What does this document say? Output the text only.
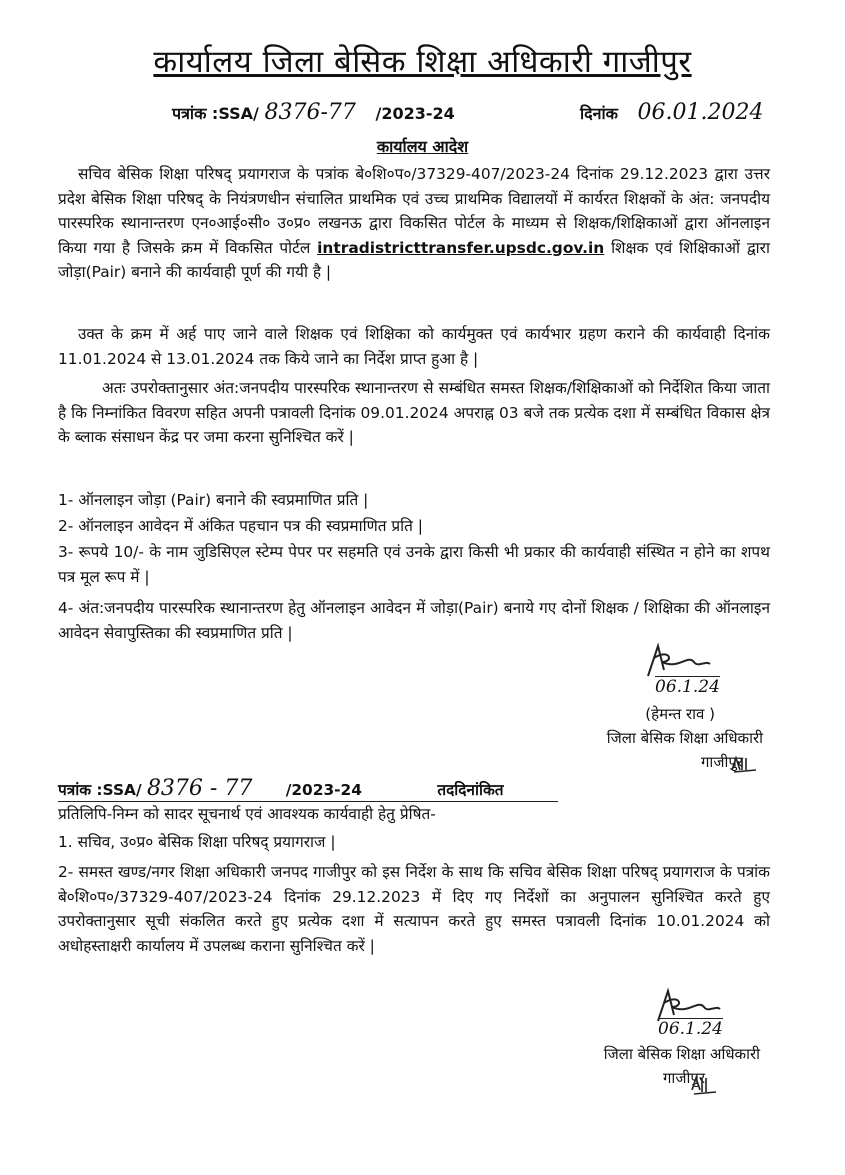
कार्यालय जिला बेसिक शिक्षा अधिकारी गाजीपुर
पत्रांक :SSA/ 8376-77 /2023-24	दिनांक 06.01.2024
कार्यालय आदेश
सचिव बेसिक शिक्षा परिषद् प्रयागराज के पत्रांक बे०शि०प०/37329-407/2023-24 दिनांक 29.12.2023 द्वारा उत्तर प्रदेश बेसिक शिक्षा परिषद् के नियंत्रणधीन संचालित प्राथमिक एवं उच्च प्राथमिक विद्यालयों में कार्यरत शिक्षकों के अंत: जनपदीय पारस्परिक स्थानान्तरण एन०आई०सी० उ०प्र० लखनऊ द्वारा विकसित पोर्टल के माध्यम से शिक्षक/शिक्षिकाओं द्वारा ऑनलाइन किया गया है जिसके क्रम में विकसित पोर्टल intradistricttransfer.upsdc.gov.in शिक्षक एवं शिक्षिकाओं द्वारा जोड़ा(Pair) बनाने की कार्यवाही पूर्ण की गयी है |
उक्त के क्रम में अर्ह पाए जाने वाले शिक्षक एवं शिक्षिका को कार्यमुक्त एवं कार्यभार ग्रहण कराने की कार्यवाही दिनांक 11.01.2024 से 13.01.2024 तक किये जाने का निर्देश प्राप्त हुआ है |
अतः उपरोक्तानुसार अंत:जनपदीय पारस्परिक स्थानान्तरण से सम्बंधित समस्त शिक्षक/शिक्षिकाओं को निर्देशित किया जाता है कि निम्नांकित विवरण सहित अपनी पत्रावली दिनांक 09.01.2024 अपराह्न 03 बजे तक प्रत्येक दशा में सम्बंधित विकास क्षेत्र के ब्लाक संसाधन केंद्र पर जमा करना सुनिश्चित करें |
1- ऑनलाइन जोड़ा (Pair) बनाने की स्वप्रमाणित प्रति |
2- ऑनलाइन आवेदन में अंकित पहचान पत्र की स्वप्रमाणित प्रति |
3- रूपये 10/- के नाम जुडिसिएल स्टेम्प पेपर पर सहमति एवं उनके द्वारा किसी भी प्रकार की कार्यवाही संस्थित न होने का शपथ पत्र मूल रूप में |
4- अंत:जनपदीय पारस्परिक स्थानान्तरण हेतु ऑनलाइन आवेदन में जोड़ा(Pair) बनाये गए दोनों शिक्षक / शिक्षिका की ऑनलाइन आवेदन सेवापुस्तिका की स्वप्रमाणित प्रति |
06.1.24
(हेमन्त राव )
जिला बेसिक शिक्षा अधिकारी
गाजीपुर
पत्रांक :SSA/ 8376 - 77 /2023-24	तददिनांकित
प्रतिलिपि-निम्न को सादर सूचनार्थ एवं आवश्यक कार्यवाही हेतु प्रेषित-
1. सचिव, उ०प्र० बेसिक शिक्षा परिषद् प्रयागराज |
2- समस्त खण्ड/नगर शिक्षा अधिकारी जनपद गाजीपुर को इस निर्देश के साथ कि सचिव बेसिक शिक्षा परिषद् प्रयागराज के पत्रांक बे०शि०प०/37329-407/2023-24 दिनांक 29.12.2023 में दिए गए निर्देशों का अनुपालन सुनिश्चित करते हुए उपरोक्तानुसार सूची संकलित करते हुए प्रत्येक दशा में सत्यापन करते हुए समस्त पत्रावली दिनांक 10.01.2024 को अधोहस्ताक्षरी कार्यालय में उपलब्ध कराना सुनिश्चित करें |
06.1.24
जिला बेसिक शिक्षा अधिकारी
गाजीपुर
